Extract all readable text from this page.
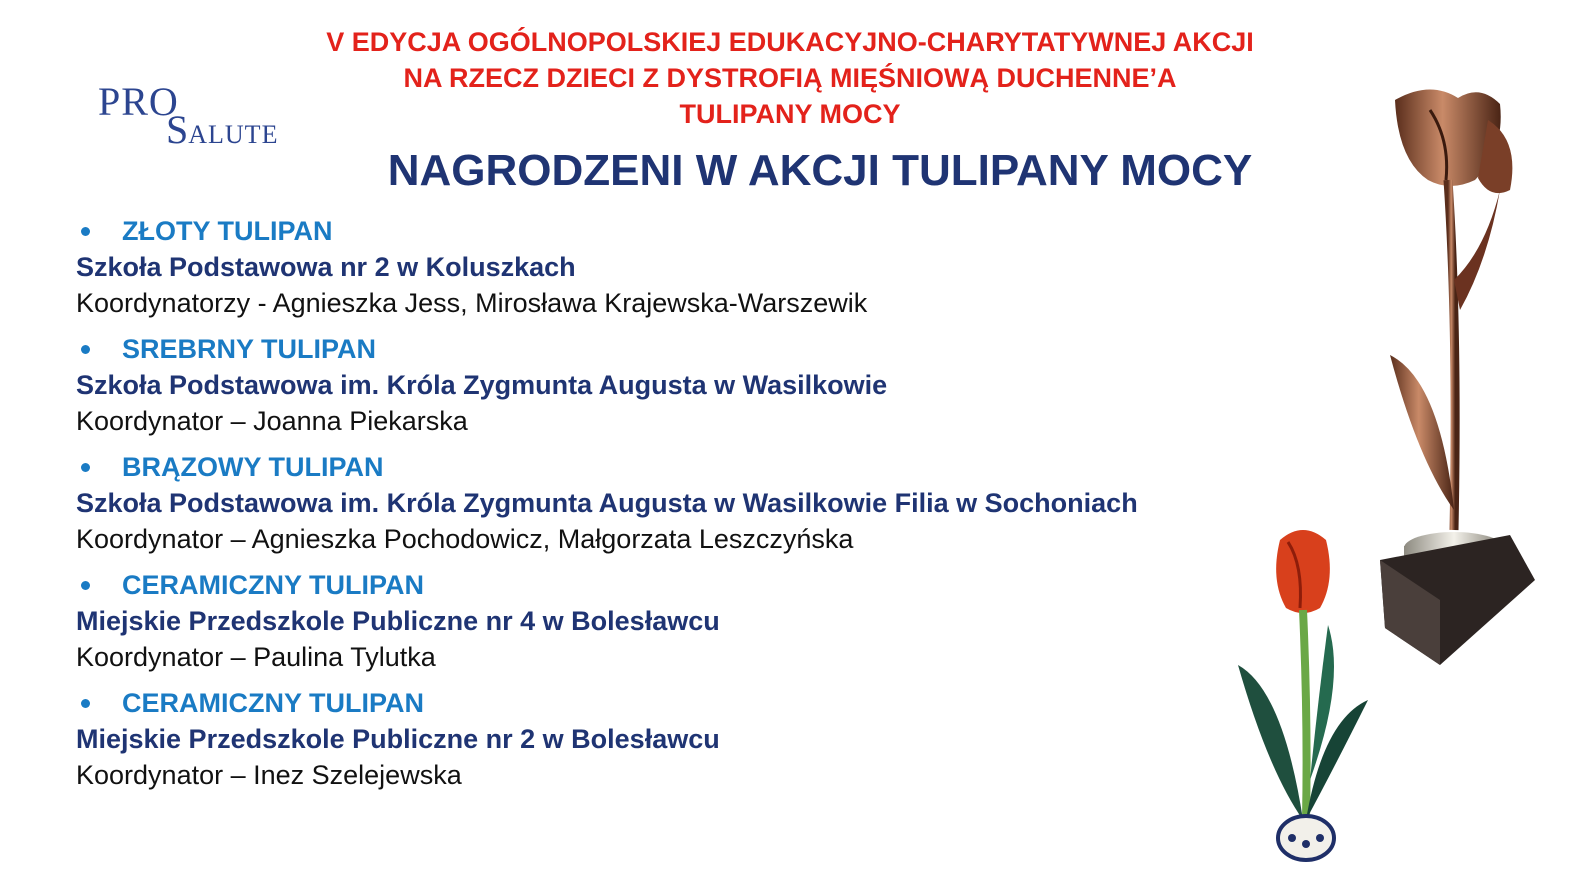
V EDYCJA OGÓLNOPOLSKIEJ EDUKACYJNO-CHARYTATYWNEJ AKCJI
NA RZECZ DZIECI Z DYSTROFIĄ MIĘŚNIOWĄ DUCHENNE’A
TULIPANY MOCY
PRO
SALUTE
NAGRODZENI W AKCJI TULIPANY MOCY
ZŁOTY TULIPAN
Szkoła Podstawowa nr 2 w Koluszkach
Koordynatorzy - Agnieszka Jess, Mirosława Krajewska-Warszewik
SREBRNY TULIPAN
Szkoła Podstawowa im. Króla Zygmunta Augusta w Wasilkowie
Koordynator – Joanna Piekarska
BRĄZOWY TULIPAN
Szkoła Podstawowa im. Króla Zygmunta Augusta w Wasilkowie Filia w Sochoniach
Koordynator – Agnieszka Pochodowicz, Małgorzata Leszczyńska
CERAMICZNY TULIPAN
Miejskie Przedszkole Publiczne nr 4 w Bolesławcu
Koordynator – Paulina Tylutka
CERAMICZNY TULIPAN
Miejskie Przedszkole Publiczne nr 2 w Bolesławcu
Koordynator – Inez Szelejewska
